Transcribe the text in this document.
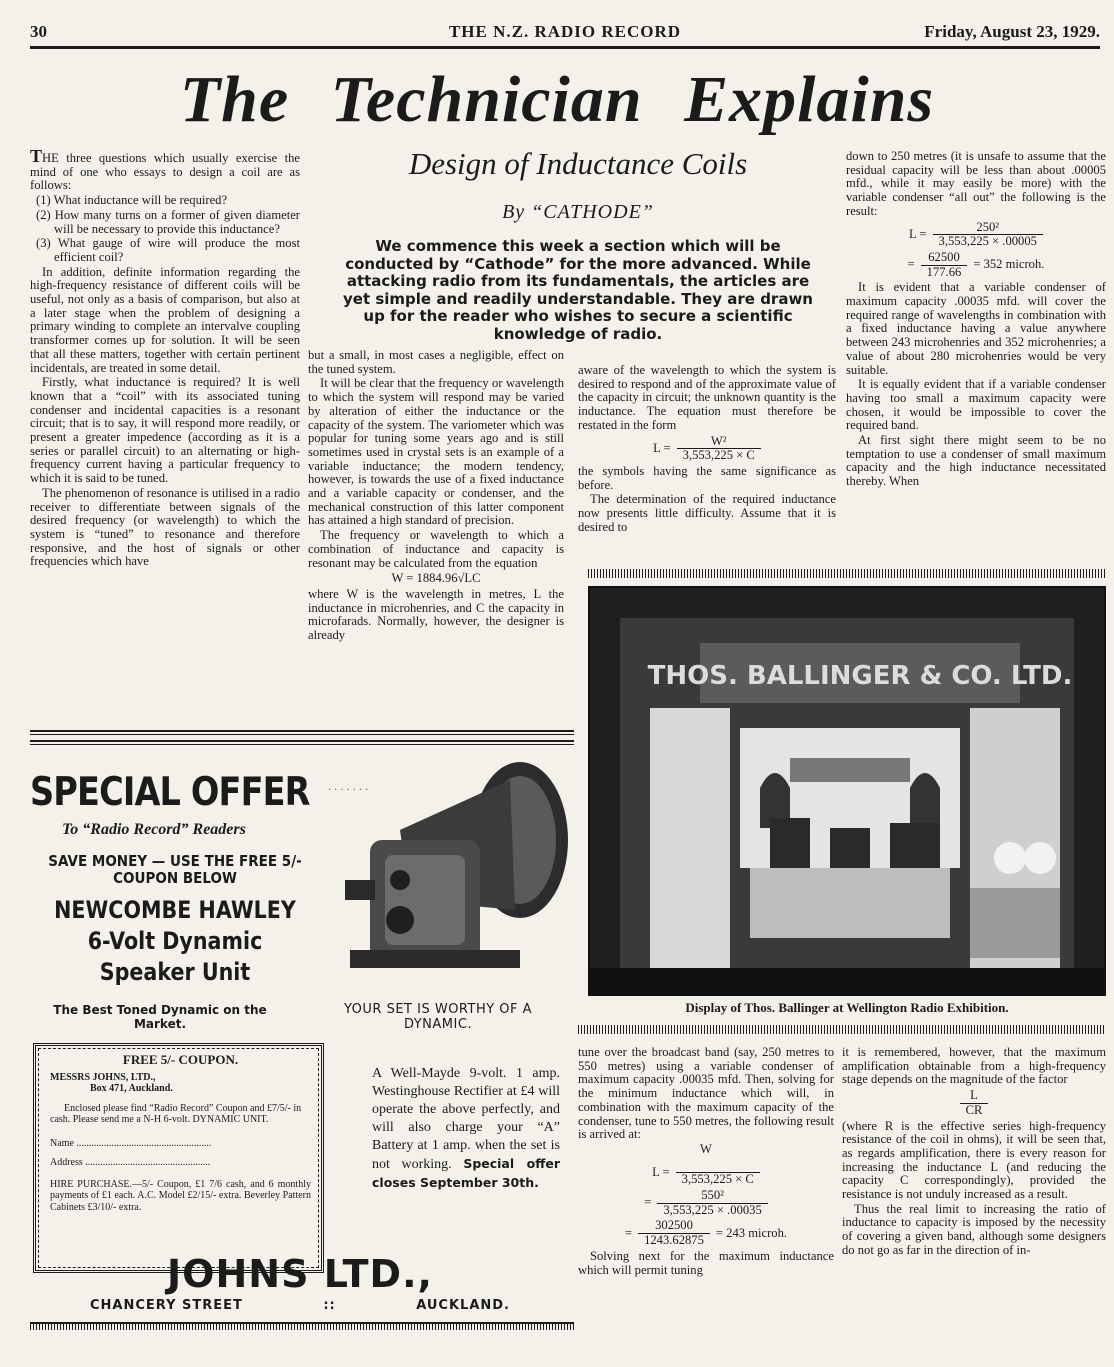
30	THE N.Z. RADIO RECORD	Friday, August 23, 1929.
The Technician Explains

THE three questions which usually exercise the mind of one who essays to design a coil are as follows:

(1) What inductance will be required?
(2) How many turns on a former of given diameter will be necessary to provide this inductance?
(3) What gauge of wire will produce the most efficient coil?

In addition, definite information regarding the high-frequency resistance of different coils will be useful, not only as a basis of comparison, but also at a later stage when the problem of designing a primary winding to complete an intervalve coupling transformer comes up for solution. It will be seen that all these matters, together with certain pertinent incidentals, are treated in some detail.

Firstly, what inductance is required? It is well known that a “coil” with its associated tuning condenser and incidental capacities is a resonant circuit; that is to say, it will respond more readily, or present a greater impedence (according as it is a series or parallel circuit) to an alternating or high-frequency current having a particular frequency to which it is said to be tuned.

The phenomenon of resonance is utilised in a radio receiver to differentiate between signals of the desired frequency (or wavelength) to which the system is “tuned” to resonance and therefore responsive, and the host of signals or other frequencies which have

Design of Inductance Coils
By “CATHODE”
We commence this week a section which will be conducted by “Cathode” for the more advanced. While attacking radio from its fundamentals, the articles are yet simple and readily understandable. They are drawn up for the reader who wishes to secure a scientific knowledge of radio.

but a small, in most cases a negligible, effect on the tuned system.

It will be clear that the frequency or wavelength to which the system will respond may be varied by alteration of either the inductance or the capacity of the system. The variometer which was popular for tuning some years ago and is still sometimes used in crystal sets is an example of a variable inductance; the modern tendency, however, is towards the use of a fixed inductance and a variable capacity or condenser, and the mechanical construction of this latter component has attained a high standard of precision.

The frequency or wavelength to which a combination of inductance and capacity is resonant may be calculated from the equation

W = 1884.96√LC

where W is the wavelength in metres, L the inductance in microhenries, and C the capacity in microfarads. Normally, however, the designer is already

aware of the wavelength to which the system is desired to respond and of the approximate value of the capacity in circuit; the unknown quantity is the inductance. The equation must therefore be restated in the form

$L = \frac{\text{W²}}{3,553,225 \times C}$

the symbols having the same significance as before.

The determination of the required inductance now presents little difficulty. Assume that it is desired to

down to 250 metres (it is unsafe to assume that the residual capacity will be less than about .00005 mfd., while it may easily be more) with the variable condenser “all out” the following is the result:

$L = \frac{\text{250²}}{3,553,225 \times .00005}$
= $\frac{62500}{177.66} = 352$ microh.

It is evident that a variable condenser of maximum capacity .00035 mfd. will cover the required range of wavelengths in combination with a fixed inductance having a value anywhere between 243 microhenries and 352 microhenries; a value of about 280 microhenries would be very suitable.

It is equally evident that if a variable condenser having too small a maximum capacity were chosen, it would be impossible to cover the required band.

At first sight there might seem to be no temptation to use a condenser of small maximum capacity and the high inductance necessitated thereby. When

THOS. BALLINGER & CO. LTD.
Display of Thos. Ballinger at Wellington Radio Exhibition.

tune over the broadcast band (say, 250 metres to 550 metres) using a variable condenser of maximum capacity .00035 mfd. Then, solving for the minimum inductance which will, in combination with the maximum capacity of the condenser, tune to 550 metres, the following result is arrived at:

W
L =

3,553,225 × C
= $\frac{\text{550²}}{3,553,225 \times .00035}$
= $\frac{302500}{1243.62875} = 243$ microh.

Solving next for the maximum inductance which will permit tuning

it is remembered, however, that the maximum amplification obtainable from a high-frequency stage depends on the magnitude of the factor

$\frac{L}{CR}$

(where R is the effective series high-frequency resistance of the coil in ohms), it will be seen that, as regards amplification, there is every reason for increasing the inductance L (and reducing the capacity C correspondingly), provided the resistance is not unduly increased as a result.

Thus the real limit to increasing the ratio of inductance to capacity is imposed by the necessity of covering a given band, although some designers do not go as far in the direction of in-

SPECIAL OFFER
To “Radio Record” Readers
SAVE MONEY — USE THE FREE 5/-
COUPON BELOW
NEWCOMBE HAWLEY
6-Volt Dynamic
Speaker Unit
.......
The Best Toned Dynamic on the Market.
YOUR SET IS WORTHY OF A DYNAMIC.
FREE 5/- COUPON.
MESSRS JOHNS, LTD.,
Box 471, Auckland.
Enclosed please find “Radio Record” Coupon and £7/5/- in cash. Please send me a N-H 6-volt. DYNAMIC UNIT.
Name ......................................................
Address ..................................................
HIRE PURCHASE.—5/- Coupon, £1 7/6 cash, and 6 monthly payments of £1 each. A.C. Model £2/15/- extra. Beverley Pattern Cabinets £3/10/- extra.
A Well-Mayde 9-volt. 1 amp. Westinghouse Rectifier at £4 will operate the above perfectly, and will also charge your “A” Battery at 1 amp. when the set is not working. Special offer closes September 30th.
JOHNS LTD.,
CHANCERY STREET	::	AUCKLAND.
